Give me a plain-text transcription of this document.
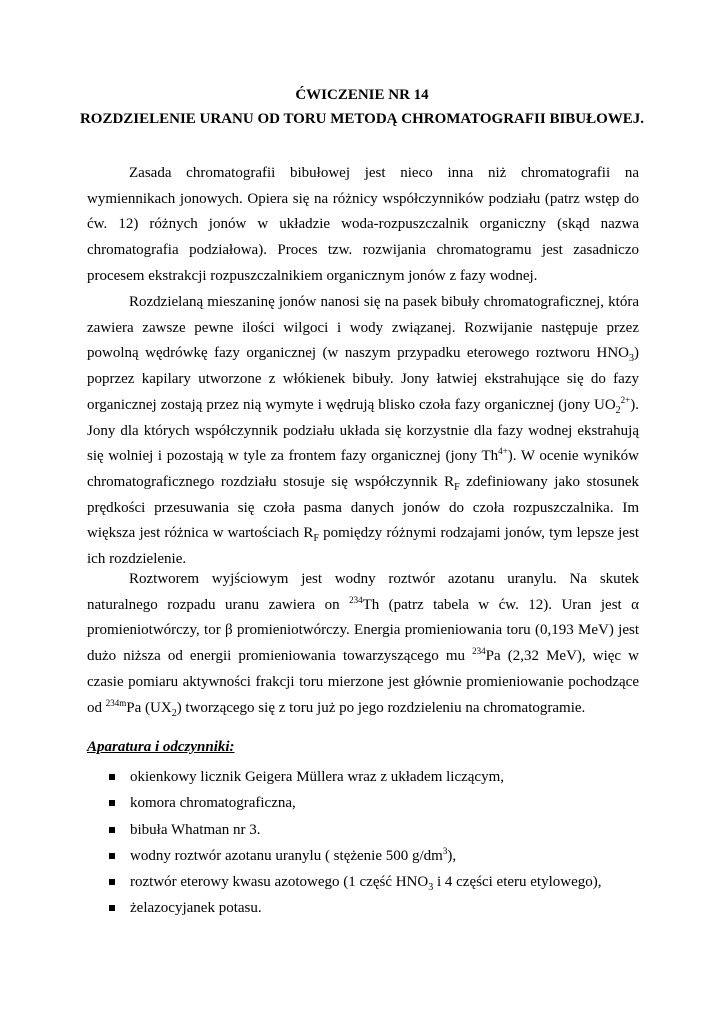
ĆWICZENIE NR 14
ROZDZIELENIE URANU OD TORU METODĄ CHROMATOGRAFII BIBUŁOWEJ.
Zasada chromatografii bibułowej jest nieco inna niż chromatografii na wymiennikach jonowych. Opiera się na różnicy współczynników podziału (patrz wstęp do ćw. 12) różnych jonów w układzie woda-rozpuszczalnik organiczny (skąd nazwa chromatografia podziałowa). Proces tzw. rozwijania chromatogramu jest zasadniczo procesem ekstrakcji rozpuszczalnikiem organicznym jonów z fazy wodnej.
Rozdzielaną mieszaninę jonów nanosi się na pasek bibuły chromatograficznej, która zawiera zawsze pewne ilości wilgoci i wody związanej. Rozwijanie następuje przez powolną wędrówkę fazy organicznej (w naszym przypadku eterowego roztworu $HNO_3$) poprzez kapilary utworzone z włókienek bibuły. Jony łatwiej ekstrahujące się do fazy organicznej zostają przez nią wymyte i wędrują blisko czoła fazy organicznej (jony $UO_2^{2+}$). Jony dla których współczynnik podziału układa się korzystnie dla fazy wodnej ekstrahują się wolniej i pozostają w tyle za frontem fazy organicznej (jony $Th^{4+}$). W ocenie wyników chromatograficznego rozdziału stosuje się współczynnik $R_F$ zdefiniowany jako stosunek prędkości przesuwania się czoła pasma danych jonów do czoła rozpuszczalnika. Im większa jest różnica w wartościach $R_F$ pomiędzy różnymi rodzajami jonów, tym lepsze jest ich rozdzielenie.
Roztworem wyjściowym jest wodny roztwór azotanu uranylu. Na skutek naturalnego rozpadu uranu zawiera on $^{234}$Th (patrz tabela w ćw. 12). Uran jest α promieniotwórczy, tor β promieniotwórczy. Energia promieniowania toru (0,193 MeV) jest dużo niższa od energii promieniowania towarzyszącego mu $^{234}$Pa (2,32 MeV), więc w czasie pomiaru aktywności frakcji toru mierzone jest głównie promieniowanie pochodzące od $^{234m}$Pa $(UX_2)$ tworzącego się z toru już po jego rozdzieleniu na chromatogramie.
Aparatura i odczynniki:
okienkowy licznik Geigera Müllera wraz z układem liczącym,
komora chromatograficzna,
bibuła Whatman nr 3.
wodny roztwór azotanu uranylu ( stężenie 500 $g/dm^3$),
roztwór eterowy kwasu azotowego (1 część $HNO_3$ i 4 części eteru etylowego),
żelazocyjanek potasu.
